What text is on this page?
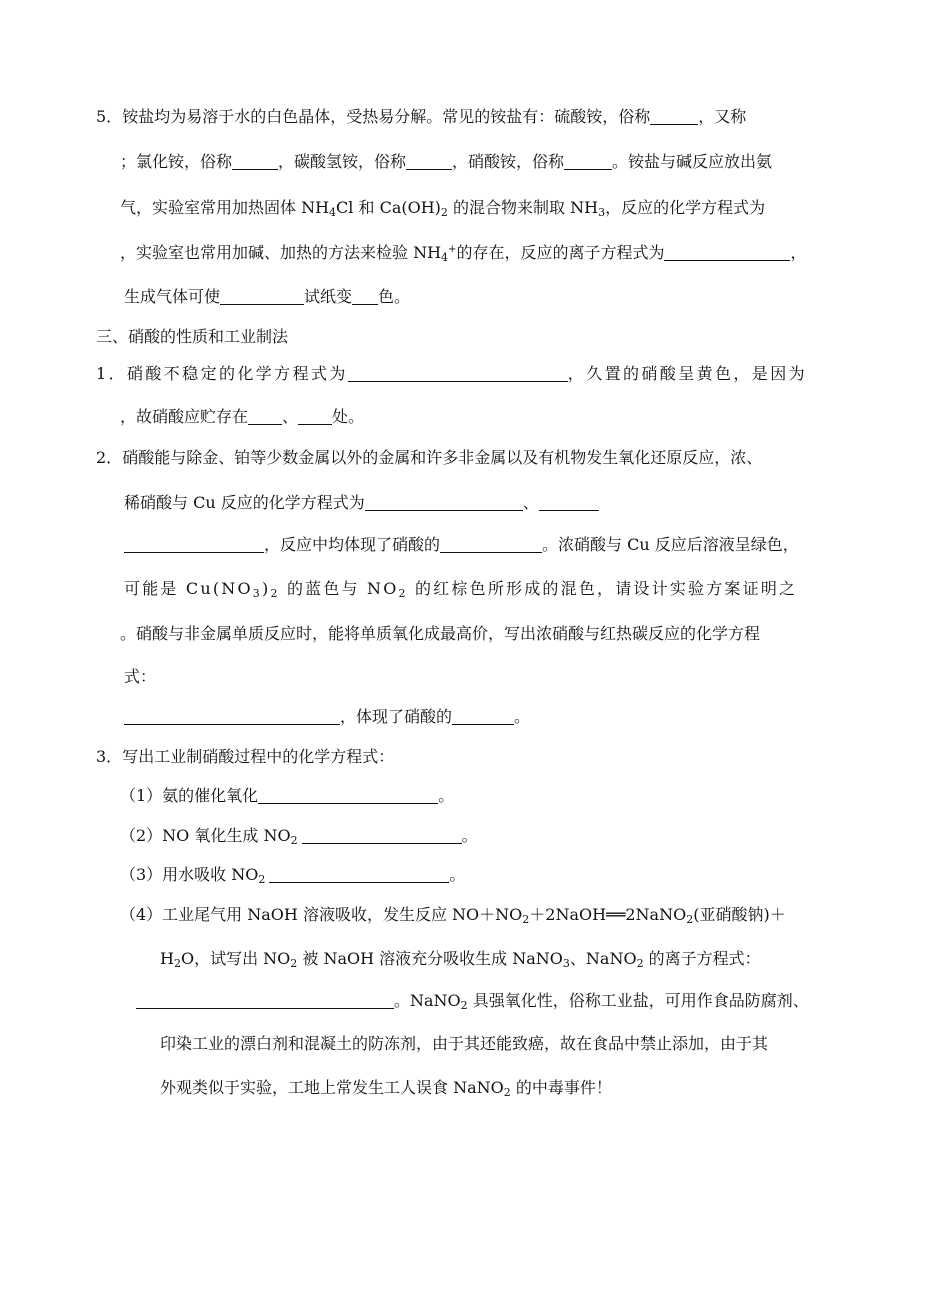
5．铵盐均为易溶于水的白色晶体，受热易分解。常见的铵盐有：硫酸铵，俗称	，又称
；氯化铵，俗称	，碳酸氢铵，俗称	，硝酸铵，俗称	。铵盐与碱反应放出氨
气，实验室常用加热固体 $NH_4Cl$ 和 $Ca(OH)_2$ 的混合物来制取 $NH_3$，反应的化学方程式为
，实验室也常用加碱、加热的方法来检验 $NH_4^+$的存在，反应的离子方程式为	，
生成气体可使	试纸变 色。
三、硝酸的性质和工业制法
1．硝酸不稳定的化学方程式为	，久置的硝酸呈黄色，是因为
，故硝酸应贮存在 、 处。
2．硝酸能与除金、铂等少数金属以外的金属和许多非金属以及有机物发生氧化还原反应，浓、
稀硝酸与 Cu 反应的化学方程式为	、
，反应中均体现了硝酸的	。浓硝酸与 Cu 反应后溶液呈绿色，
可能是 $Cu(NO_3)_2$ 的蓝色与 $NO_2$ 的红棕色所形成的混色，请设计实验方案证明之
。硝酸与非金属单质反应时，能将单质氧化成最高价，写出浓硝酸与红热碳反应的化学方程
式：
，体现了硝酸的	。
3．写出工业制硝酸过程中的化学方程式：
（1）氨的催化氧化	。
（2）NO 氧化生成 $NO_2$	。
（3）用水吸收 $NO_2$	。
（4）工业尾气用 NaOH 溶液吸收，发生反应 $NO+NO_2+2NaOH══2NaNO_2$(亚硝酸钠)＋
$H_2O$，试写出 $NO_2$ 被 NaOH 溶液充分吸收生成 NaNO$_3$、NaNO$_2$ 的离子方程式：
。NaNO$_2$ 具强氧化性，俗称工业盐，可用作食品防腐剂、
印染工业的漂白剂和混凝土的防冻剂，由于其还能致癌，故在食品中禁止添加，由于其
外观类似于实验，工地上常发生工人误食 NaNO$_2$ 的中毒事件！
